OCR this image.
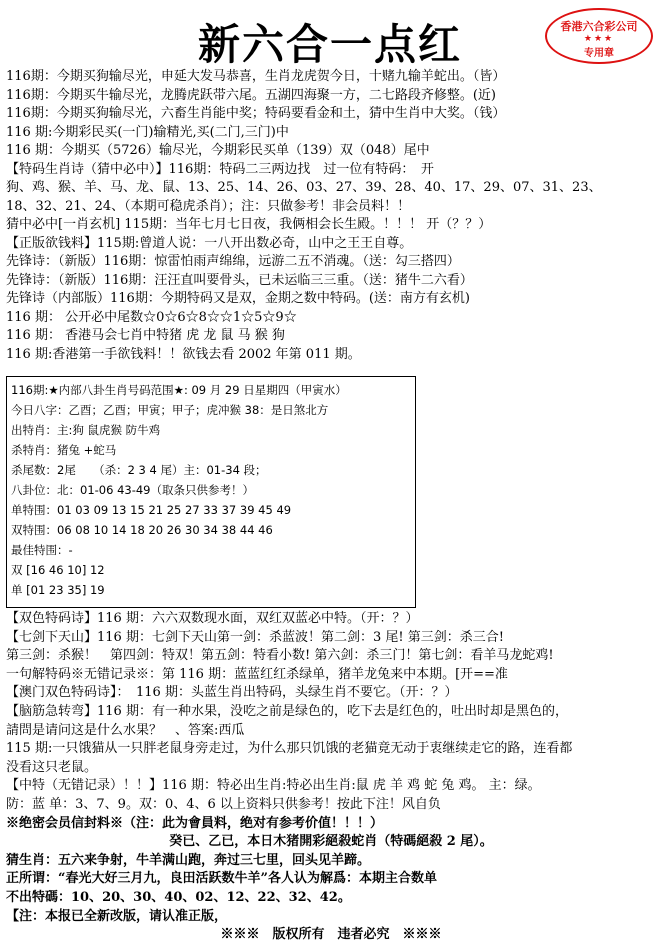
新六合一点红	香港六合彩公司
★★★
专用章
116期：今期买狗输尽光，申延大发马恭喜，生肖龙虎贺今日，十赌九输羊蛇出。（皆）
116期：今期买牛输尽光，龙腾虎跃带六尾。五湖四海聚一方，二七路段齐修整。(近)
116期：今期买狗输尽光，六畜生肖能中奖；特码要看金和土，猜中生肖中大奖。（钱）
116 期:今期彩民买(一门)输精光,买(二门,三门)中
116 期：今期买（5726）输尽光，今期彩民买单（139）双（048）尾中
【特码生肖诗（猜中必中）】116期：特码二三两边找　过一位有特码：　开
狗、鸡、猴、羊、马、龙、鼠、13、25、14、26、03、27、39、28、40、17、29、07、31、23、
18、32、21、24、（本期可稳虎杀肖）；注：只做参考！非会员料！！
猜中必中[一肖玄机] 115期：当年七月七日夜，我俩相会长生殿。！！！ 开（？？）
【正版欲钱料】115期:曾道人说：一八开出数必奇，山中之王王自尊。
先锋诗：（新版）116期：惊雷怕雨声绵绵，远游二五不消魂。（送：勾三搭四）
先锋诗：（新版）116期：汪汪直叫要骨头，已未运临三三重。（送：猪牛二六看）
先锋诗（内部版）116期：今期特码又是双，金期之数中特码。(送：南方有玄机)
116 期： 公开必中尾数☆0☆6☆8☆☆1☆5☆9☆
116 期： 香港马会七肖中特猪 虎 龙 鼠 马 猴 狗
116 期:香港第一手欲钱料！！欲钱去看 2002 年第 011 期。
116期:★内部八卦生肖号码范围★: 09 月 29 日星期四（甲寅水）
今日八字：乙酉；乙酉；甲寅；甲子；虎冲猴 38：是日煞北方
出特肖：主:狗 鼠虎猴 防牛鸡
杀特肖：猪兔 +蛇马
杀尾数：2尾　　（杀：2 3 4 尾）主：01-34 段；
八卦位：北：01-06 43-49（取条只供参考！）
单特围：01 03 09 13 15 21 25 27 33 37 39 45 49
双特围：06 08 10 14 18 20 26 30 34 38 44 46
最佳特围：-
双 [16 46 10] 12
单 [01 23 35] 19
【双色特码诗】116 期：六六双数现水面，双红双蓝必中特。（开：？）
【七剑下天山】116 期：七剑下天山第一剑：杀蓝波！第二剑：3 尾! 第三剑：杀三合!
第三剑：杀猴！　第四剑：特双！第五剑：特看小数! 第六剑：杀三门！第七剑：看羊马龙蛇鸡!
一句解特码※无错记录※：第 116 期：蓝蓝红红杀绿单，猪羊龙兔来中本期。[开==准
【澳门双色特码诗】：　116 期：头蓝生肖出特码，头绿生肖不要它。（开：？）
【脑筋急转弯】116 期：有一种水果，没吃之前是绿色的，吃下去是红色的，吐出时却是黑色的，
請問是请问这是什么水果？　、答案:西瓜
115 期:一只饿猫从一只胖老鼠身旁走过，为什么那只饥饿的老猫竟无动于衷继续走它的路，连看都
没看这只老鼠。
【中特（无错记录）！！】116 期：特必出生肖:特必出生肖:鼠 虎 羊 鸡 蛇 兔 鸡。 主：绿。
防：蓝 单：3、7、9。双：0、4、6 以上资料只供参考！按此下注！风自负
※绝密会员信封料※（注：此为會員料，绝对有参考价值！！！）
癸已、乙已，本日木猪開彩絕殺蛇肖（特碼絕殺 2 尾）。
猜生肖：五六来争射，牛羊满山跑，奔过三七里，回头见羊蹄。
正所谓：“春光大好三月九，良田活跃数牛羊”各人认为解爲：本期主合数单
不出特碼：10、20、30、40、02、12、22、32、42。
【注：本报已全新改版，请认准正版，
※※※　版权所有　违者必究　※※※
